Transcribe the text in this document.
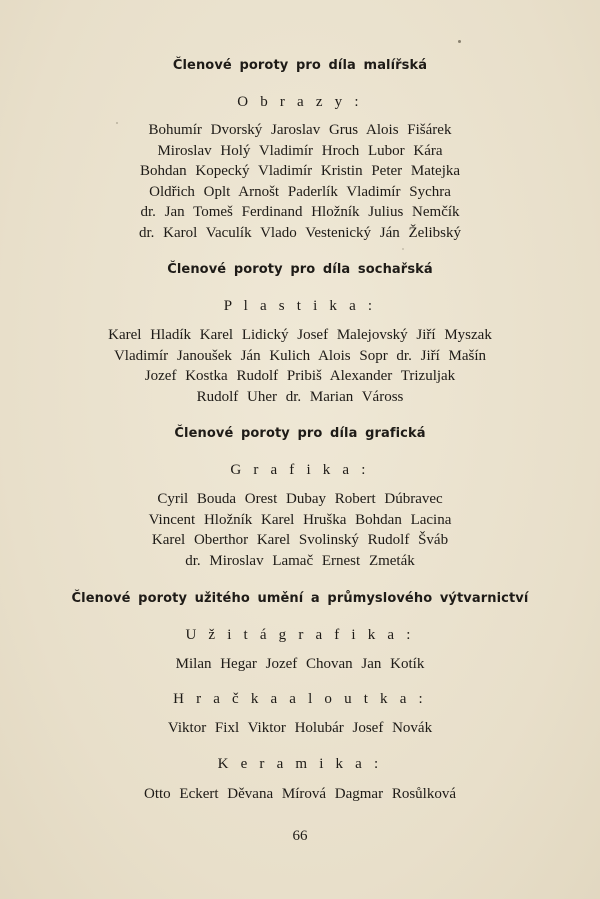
Členové poroty pro díla malířská
O b r a z y :
Bohumír Dvorský Jaroslav Grus Alois Fišárek
Miroslav Holý Vladimír Hroch Lubor Kára
Bohdan Kopecký Vladimír Kristin Peter Matejka
Oldřich Oplt Arnošt Paderlík Vladimír Sychra
dr. Jan Tomeš Ferdinand Hložník Julius Nemčík
dr. Karol Vaculík Vlado Vestenický Ján Želibský
Členové poroty pro díla sochařská
P l a s t i k a :
Karel Hladík Karel Lidický Josef Malejovský Jiří Myszak
Vladimír Janoušek Ján Kulich Alois Sopr dr. Jiří Mašín
Jozef Kostka Rudolf Pribiš Alexander Trizuljak
Rudolf Uher dr. Marian Váross
Členové poroty pro díla grafická
G r a f i k a :
Cyril Bouda Orest Dubay Robert Dúbravec
Vincent Hložník Karel Hruška Bohdan Lacina
Karel Oberthor Karel Svolinský Rudolf Šváb
dr. Miroslav Lamač Ernest Zmeták
Členové poroty užitého umění a průmyslového výtvarnictví
U ž i t á g r a f i k a :
Milan Hegar Jozef Chovan Jan Kotík
H r a č k a a l o u t k a :
Viktor Fixl Viktor Holubár Josef Novák
K e r a m i k a :
Otto Eckert Děvana Mírová Dagmar Rosůlková
66
